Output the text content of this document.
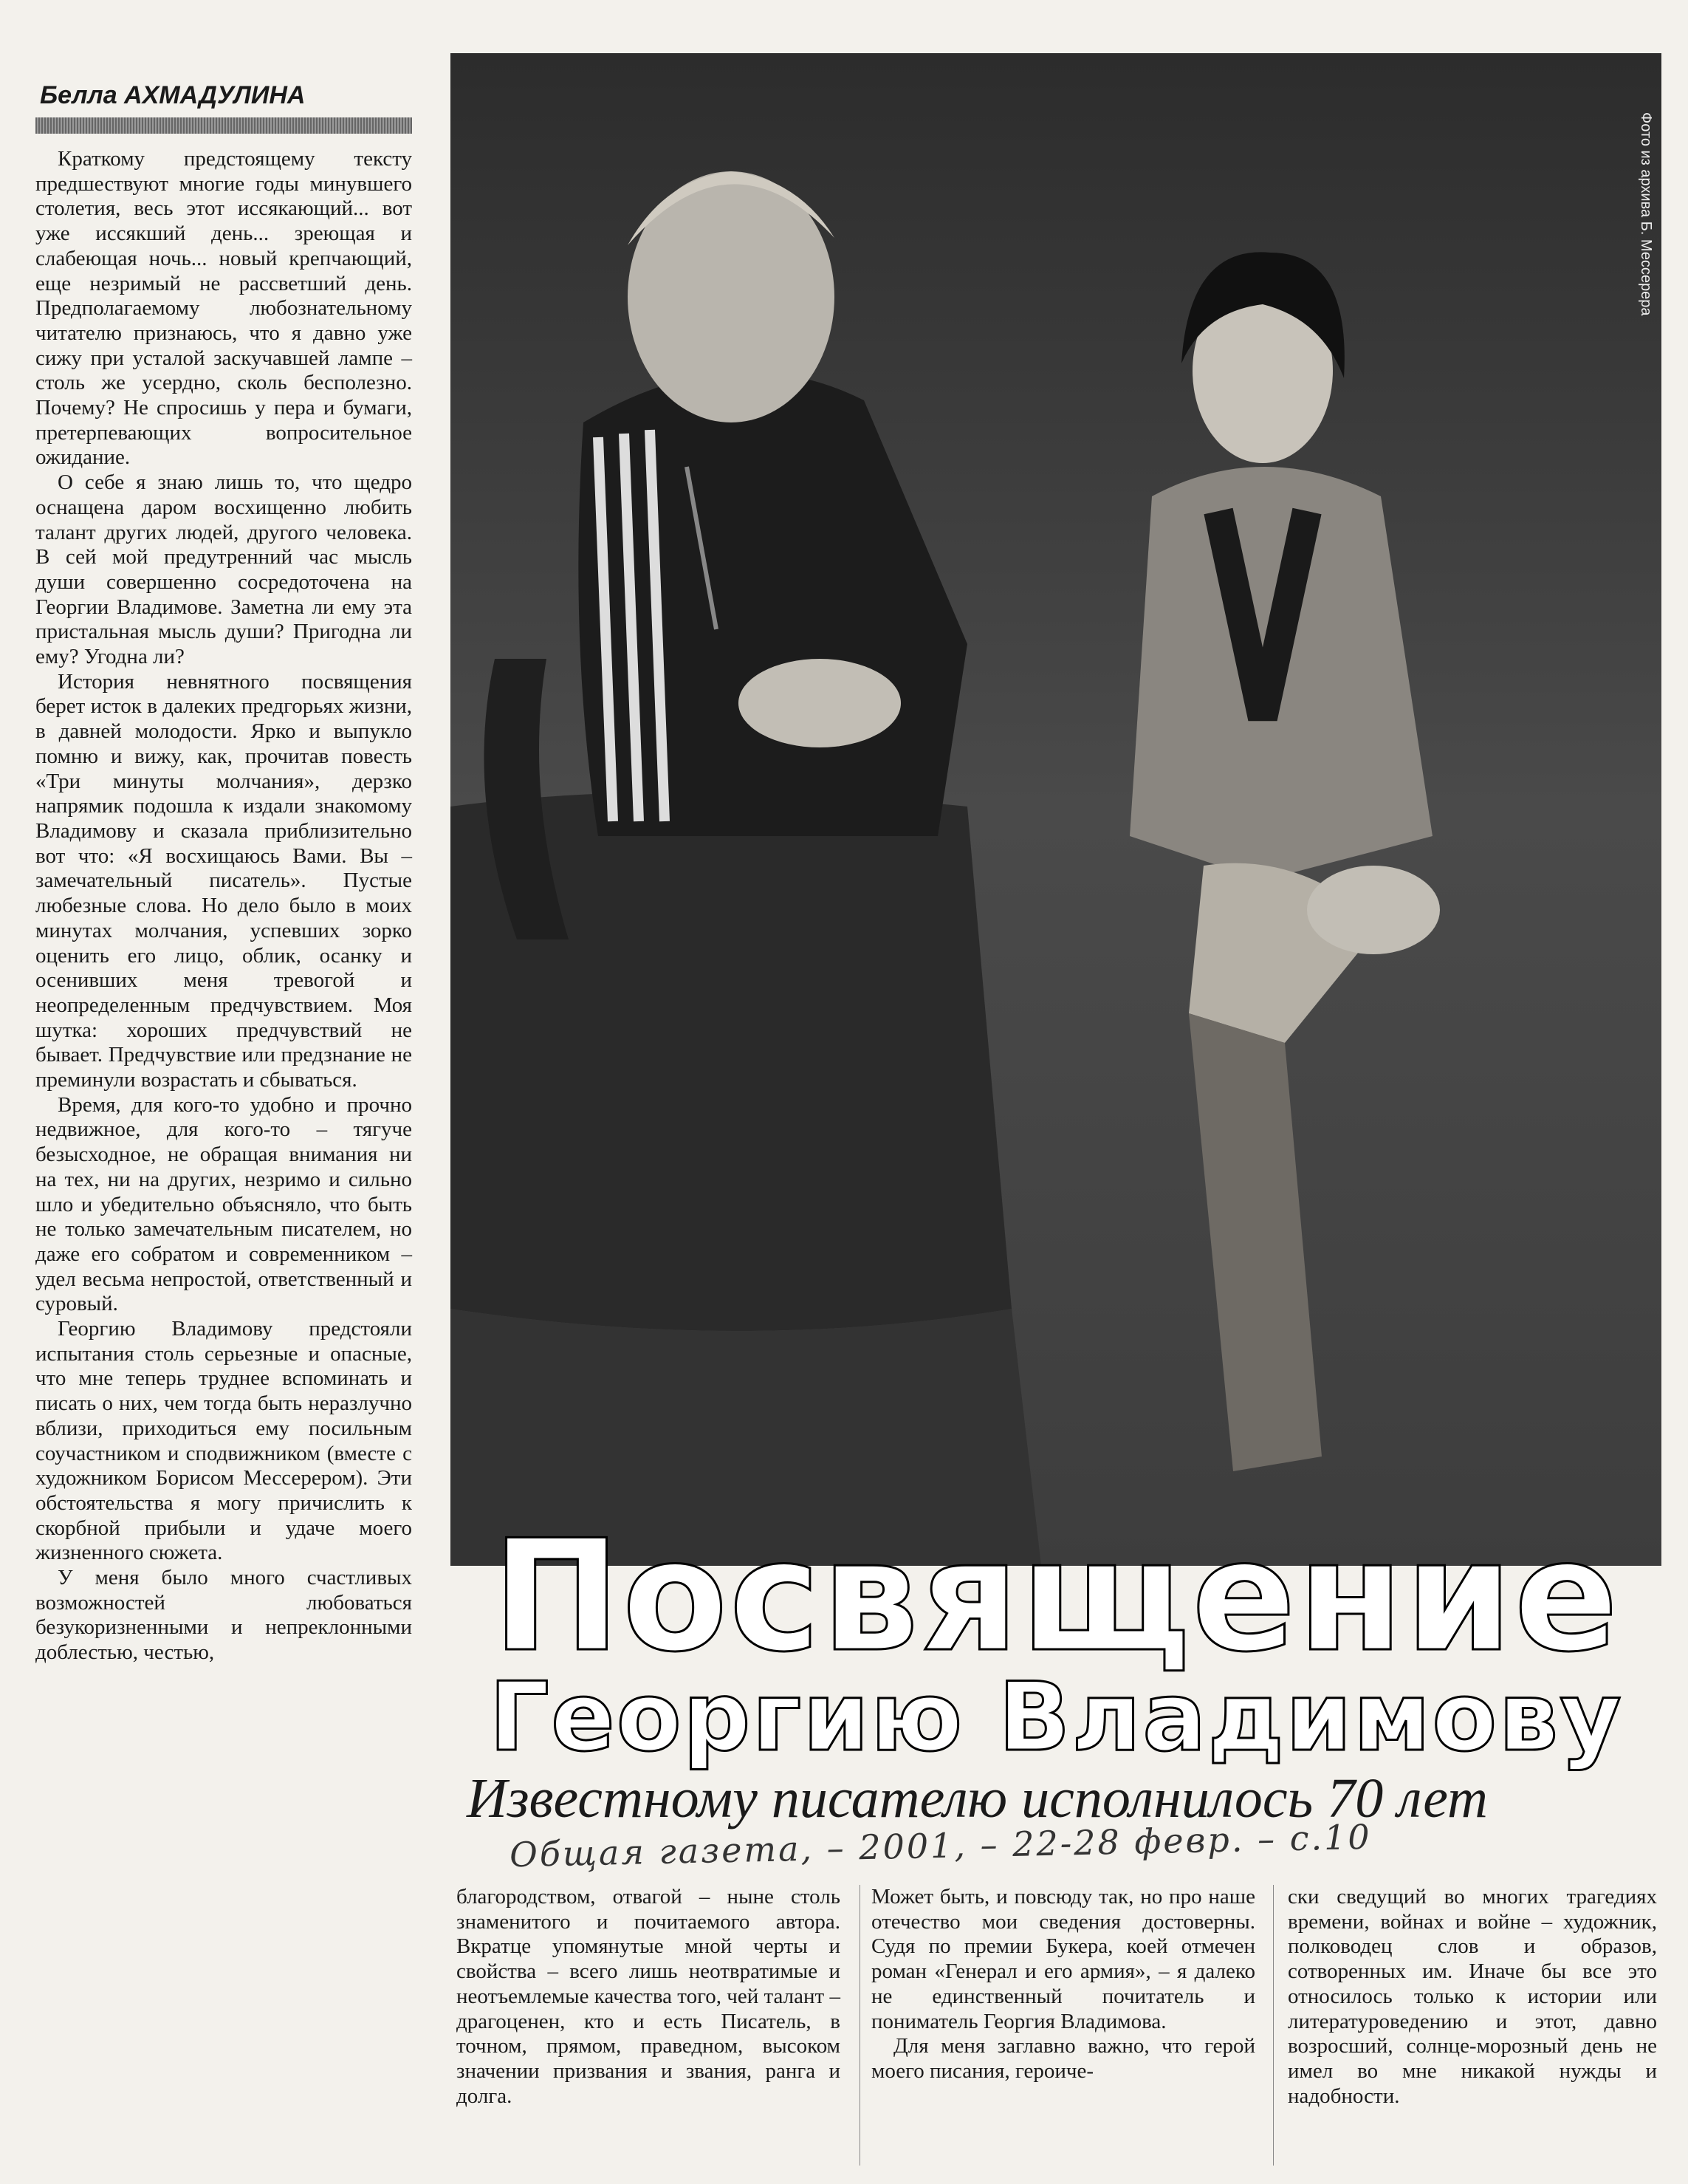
Белла АХМАДУЛИНА

Краткому предстоящему тексту предшествуют многие годы минувшего столетия, весь этот иссякающий... вот уже иссякший день... зреющая и слабеющая ночь... новый крепчающий, еще незримый не рассветший день. Предполагаемому любознательному читателю признаюсь, что я давно уже сижу при усталой заскучавшей лампе – столь же усердно, сколь бесполезно. Почему? Не спросишь у пера и бумаги, претерпевающих вопросительное ожидание.

О себе я знаю лишь то, что щедро оснащена даром восхищенно любить талант других людей, другого человека. В сей мой предутренний час мысль души совершенно сосредоточена на Георгии Владимове. Заметна ли ему эта пристальная мысль души? Пригодна ли ему? Угодна ли?

История невнятного посвящения берет исток в далеких предгорьях жизни, в давней молодости. Ярко и выпукло помню и вижу, как, прочитав повесть «Три минуты молчания», дерзко напрямик подошла к издали знакомому Владимову и сказала приблизительно вот что: «Я восхищаюсь Вами. Вы – замечательный писатель». Пустые любезные слова. Но дело было в моих минутах молчания, успевших зорко оценить его лицо, облик, осанку и осенивших меня тревогой и неопределенным предчувствием. Моя шутка: хороших предчувствий не бывает. Предчувствие или предзнание не преминули возрастать и сбываться.

Время, для кого-то удобно и прочно недвижное, для кого-то – тягуче безысходное, не обращая внимания ни на тех, ни на других, незримо и сильно шло и убедительно объясняло, что быть не только замечательным писателем, но даже его собратом и современником – удел весьма непростой, ответственный и суровый.

Георгию Владимову предстояли испытания столь серьезные и опасные, что мне теперь труднее вспоминать и писать о них, чем тогда быть неразлучно вблизи, приходиться ему посильным соучастником и сподвижником (вместе с художником Борисом Мессерером). Эти обстоятельства я могу причислить к скорбной прибыли и удаче моего жизненного сюжета.

У меня было много счастливых возможностей любоваться безукоризненными и непреклонными доблестью, честью,

Фото из архива Б. Мессерера
Посвящение
Георгию Владимову
Известному писателю исполнилось 70 лет
Общая газета, – 2001, – 22-28 февр. – с.10

благородством, отвагой – ныне столь знаменитого и почитаемого автора. Вкратце упомянутые мной черты и свойства – всего лишь неотвратимые и неотъемлемые качества того, чей талант – драгоценен, кто и есть Писатель, в точном, прямом, праведном, высоком значении призвания и звания, ранга и долга.

Может быть, и повсюду так, но про наше отечество мои сведения достоверны. Судя по премии Букера, коей отмечен роман «Генерал и его армия», – я далеко не единственный почитатель и пониматель Георгия Владимова.

Для меня заглавно важно, что герой моего писания, героиче-

ски сведущий во многих трагедиях времени, войнах и войне – художник, полководец слов и образов, сотворенных им. Иначе бы все это относилось только к истории или литературоведению и этот, давно возросший, солнце-морозный день не имел во мне никакой нужды и надобности.
